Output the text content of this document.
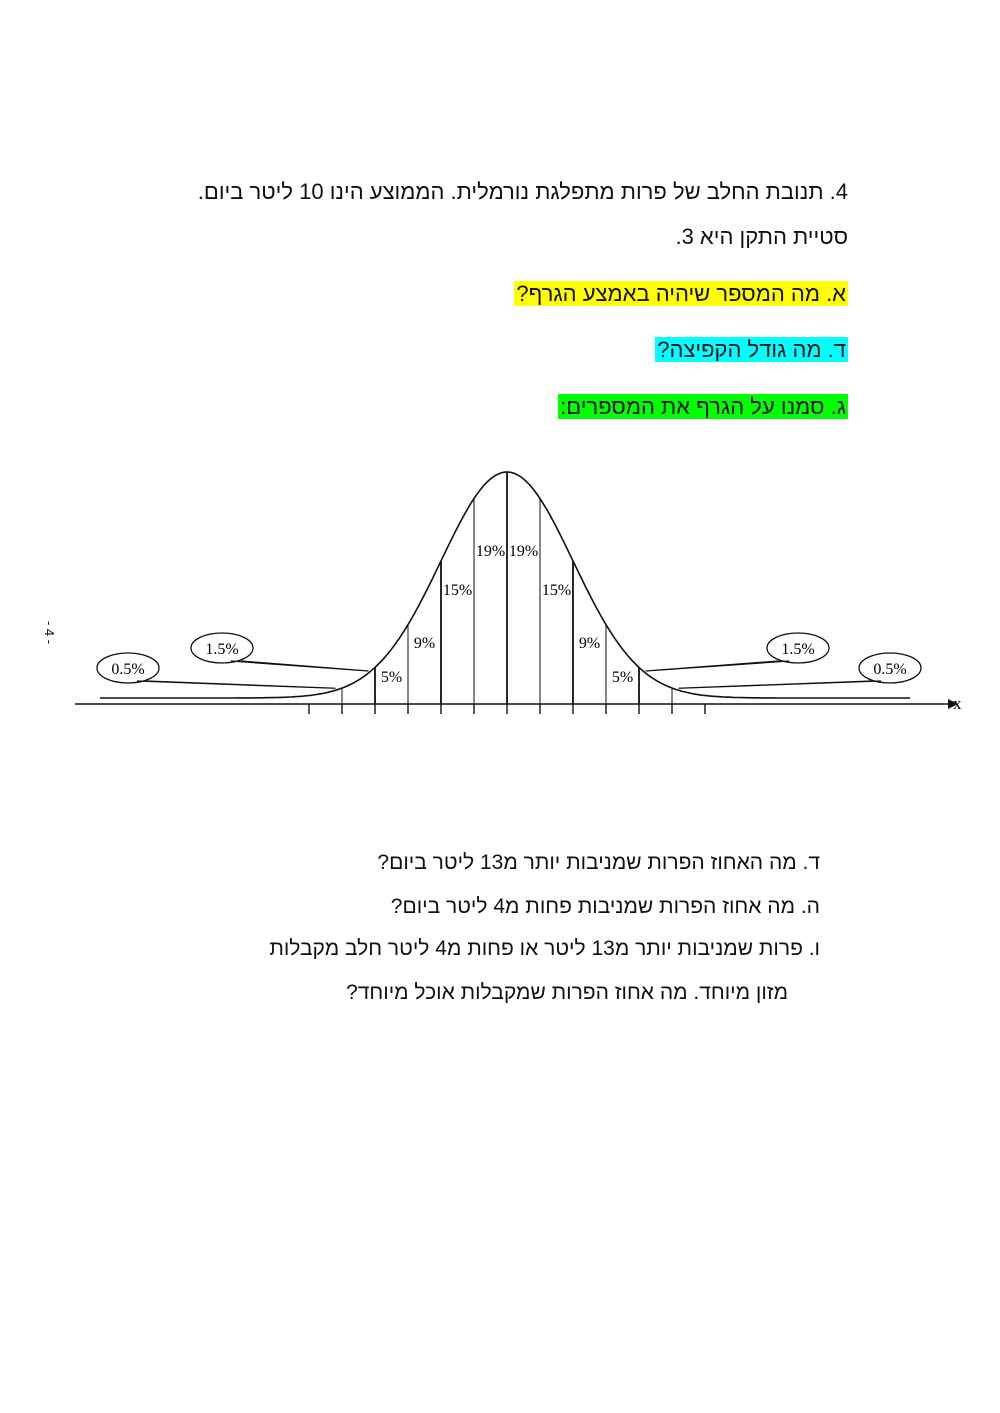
4. תנובת החלב של פרות מתפלגת נורמלית. הממוצע הינו 10 ליטר ביום.
סטיית התקן היא 3.
א. מה המספר שיהיה באמצע הגרף?
ד. מה גודל הקפיצה?
ג. סמנו על הגרף את המספרים:
- 4 -
0.5%
1.5%
5%
9%
15%
19% 19%
15%
9%
5%
1.5%
0.5%
x
ד. מה האחוז הפרות שמניבות יותר מ13 ליטר ביום?
ה. מה אחוז הפרות שמניבות פחות מ4 ליטר ביום?
ו. פרות שמניבות יותר מ13 ליטר או פחות מ4 ליטר חלב מקבלות
מזון מיוחד. מה אחוז הפרות שמקבלות אוכל מיוחד?
